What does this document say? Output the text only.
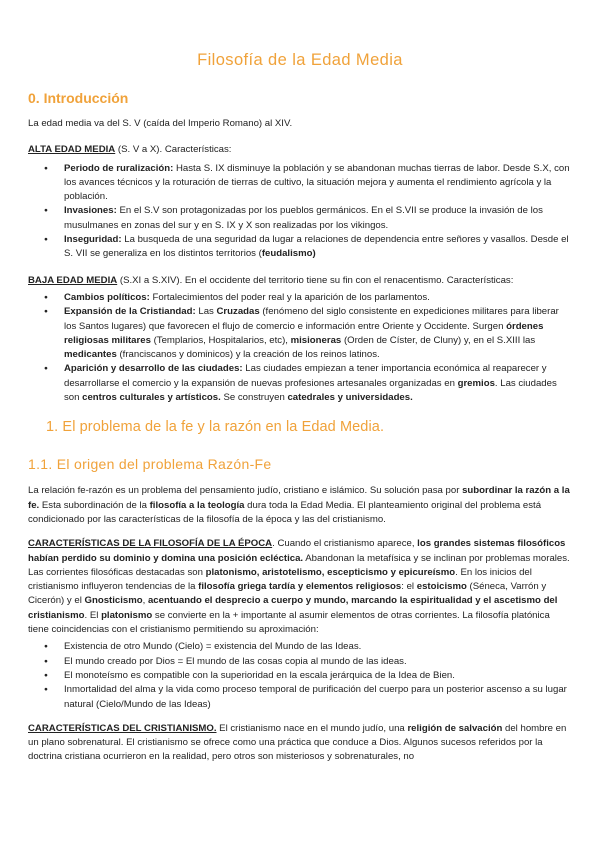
Filosofía de la Edad Media
0. Introducción

La edad media va del S. V (caída del Imperio Romano) al XIV.

ALTA EDAD MEDIA (S. V a X). Características:

● Periodo de ruralización: Hasta S. IX disminuye la población y se abandonan muchas tierras de labor. Desde S.X, con los avances técnicos y la roturación de tierras de cultivo, la situación mejora y aumenta el rendimiento agrícola y la población.
● Invasiones: En el S.V son protagonizadas por los pueblos germánicos. En el S.VII se produce la invasión de los musulmanes en zonas del sur y en S. IX y X son realizadas por los vikingos.
● Inseguridad: La busqueda de una seguridad da lugar a relaciones de dependencia entre señores y vasallos. Desde el S. VII se generaliza en los distintos territorios (feudalismo)

BAJA EDAD MEDIA (S.XI a S.XIV). En el occidente del territorio tiene su fin con el renacentismo. Características:

● Cambios políticos: Fortalecimientos del poder real y la aparición de los parlamentos.
● Expansión de la Cristiandad: Las Cruzadas (fenómeno del siglo consistente en expediciones militares para liberar los Santos lugares) que favorecen el flujo de comercio e información entre Oriente y Occidente. Surgen órdenes religiosas militares (Templarios, Hospitalarios, etc), misioneras (Orden de Císter, de Cluny) y, en el S.XIII las medicantes (franciscanos y dominicos) y la creación de los reinos latinos.
● Aparición y desarrollo de las ciudades: Las ciudades empiezan a tener importancia económica al reaparecer y desarrollarse el comercio y la expansión de nuevas profesiones artesanales organizadas en gremios. Las ciudades son centros culturales y artísticos. Se construyen catedrales y universidades.
1. El problema de la fe y la razón en la Edad Media.
1.1. El origen del problema Razón-Fe

La relación fe-razón es un problema del pensamiento judío, cristiano e islámico. Su solución pasa por subordinar la razón a la fe. Esta subordinación de la filosofía a la teología dura toda la Edad Media. El planteamiento original del problema está condicionado por las características de la filosofía de la época y las del cristianismo.

CARACTERÍSTICAS DE LA FILOSOFÍA DE LA ÉPOCA. Cuando el cristianismo aparece, los grandes sistemas filosóficos habían perdido su dominio y domina una posición ecléctica. Abandonan la metafísica y se inclinan por problemas morales. Las corrientes filosóficas destacadas son platonismo, aristotelismo, escepticismo y epicureísmo. En los inicios del cristianismo influyeron tendencias de la filosofía griega tardía y elementos religiosos: el estoicismo (Séneca, Varrón y Cicerón) y el Gnosticismo, acentuando el desprecio a cuerpo y mundo, marcando la espiritualidad y el ascetismo del cristianismo. El platonismo se convierte en la + importante al asumir elementos de otras corrientes. La filosofía platónica tiene coincidencias con el cristianismo permitiendo su aproximación:

● Existencia de otro Mundo (Cielo) = existencia del Mundo de las Ideas.
● El mundo creado por Dios = El mundo de las cosas copia al mundo de las ideas.
● El monoteísmo es compatible con la superioridad en la escala jerárquica de la Idea de Bien.
● Inmortalidad del alma y la vida como proceso temporal de purificación del cuerpo para un posterior ascenso a su lugar natural (Cielo/Mundo de las Ideas)

CARACTERÍSTICAS DEL CRISTIANISMO. El cristianismo nace en el mundo judío, una religión de salvación del hombre en un plano sobrenatural. El cristianismo se ofrece como una práctica que conduce a Dios. Algunos sucesos referidos por la doctrina cristiana ocurrieron en la realidad, pero otros son misteriosos y sobrenaturales, no
